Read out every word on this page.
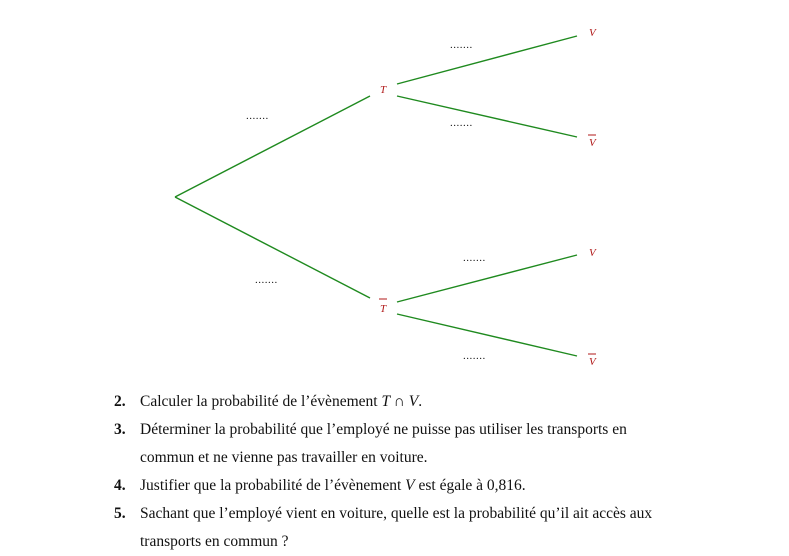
T
T
V
V
V
V
.......
.......
.......
.......
.......
.......
2. Calculer la probabilité de l’évènement T ∩ V.
3. Déterminer la probabilité que l’employé ne puisse pas utiliser les transports en
commun et ne vienne pas travailler en voiture.
4. Justifier que la probabilité de l’évènement V est égale à 0,816.
5. Sachant que l’employé vient en voiture, quelle est la probabilité qu’il ait accès aux
transports en commun ?
